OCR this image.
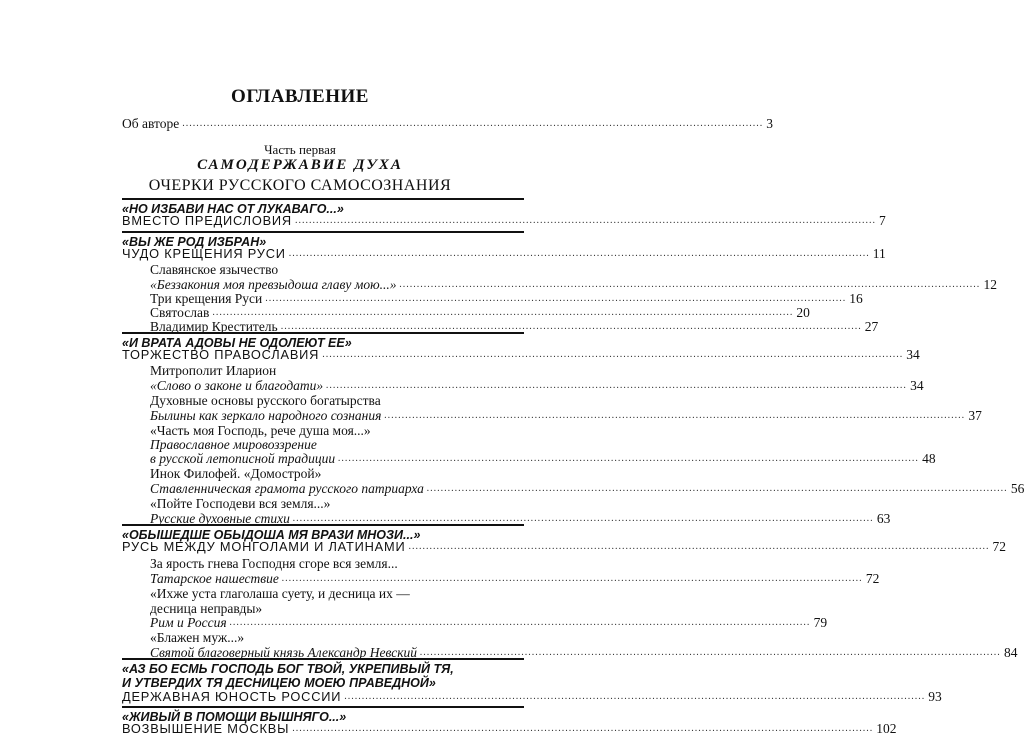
ОГЛАВЛЕНИЕ
Об авторе ...................................................................................................................................................................... 3
Часть первая
САМОДЕРЖАВИЕ ДУХА
ОЧЕРКИ РУССКОГО САМОСОЗНАНИЯ
«НО ИЗБАВИ НАС ОТ ЛУКАВАГО...»
ВМЕСТО ПРЕДИСЛОВИЯ ...................................................................................................................................................................... 7
«ВЫ ЖЕ РОД ИЗБРАН»
ЧУДО КРЕЩЕНИЯ РУСИ ...................................................................................................................................................................... 11
Славянское язычество
«Беззакония моя превзыдоша главу мою...» ...................................................................................................................................................................... 12
Три крещения Руси ...................................................................................................................................................................... 16
Святослав ...................................................................................................................................................................... 20
Владимир Креститель ...................................................................................................................................................................... 27
«И ВРАТА АДОВЫ НЕ ОДОЛЕЮТ ЕЕ»
ТОРЖЕСТВО ПРАВОСЛАВИЯ ...................................................................................................................................................................... 34
Митрополит Иларион
«Слово о законе и благодати» ...................................................................................................................................................................... 34
Духовные основы русского богатырства
Былины как зеркало народного сознания ...................................................................................................................................................................... 37
«Часть моя Господь, рече душа моя...»
Православное мировоззрение
в русской летописной традиции ...................................................................................................................................................................... 48
Инок Филофей. «Домострой»
Ставленническая грамота русского патриарха ...................................................................................................................................................................... 56
«Пойте Господеви вся земля...»
Русские духовные стихи ...................................................................................................................................................................... 63
«ОБЫШЕДШЕ ОБЫДОША МЯ ВРАЗИ МНОЗИ...»
РУСЬ МЕЖДУ МОНГОЛАМИ И ЛАТИНАМИ ...................................................................................................................................................................... 72
За ярость гнева Господня сгоре вся земля...
Татарское нашествие ...................................................................................................................................................................... 72
«Ихже уста глаголаша суету, и десница их —
десница неправды»
Рим и Россия ...................................................................................................................................................................... 79
«Блажен муж...»
Святой благоверный князь Александр Невский ...................................................................................................................................................................... 84
«АЗ БО ЕСМЬ ГОСПОДЬ БОГ ТВОЙ, УКРЕПИВЫЙ ТЯ,
И УТВЕРДИХ ТЯ ДЕСНИЦЕЮ МОЕЮ ПРАВЕДНОЙ»
ДЕРЖАВНАЯ ЮНОСТЬ РОССИИ ...................................................................................................................................................................... 93
«ЖИВЫЙ В ПОМОЩИ ВЫШНЯГО...»
ВОЗВЫШЕНИЕ МОСКВЫ ...................................................................................................................................................................... 102
